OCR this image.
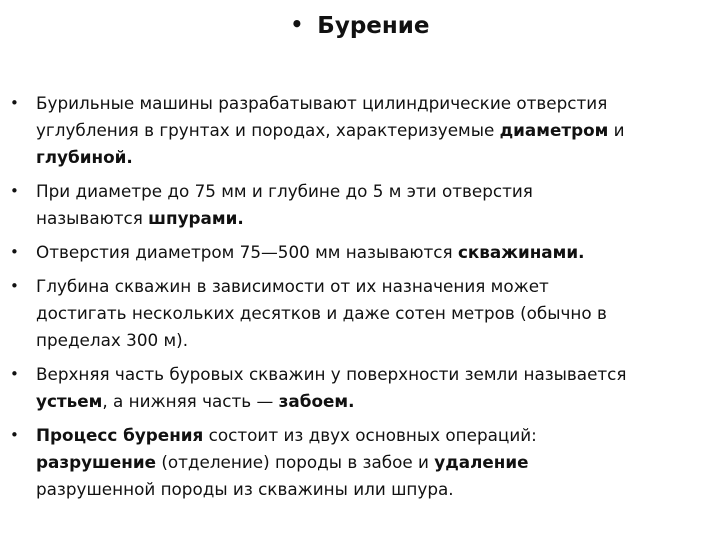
• Бурение
•	Бурильные машины разрабатывают цилиндрические отверстия
углубления в грунтах и породах, характеризуемые диаметром и
глубиной.
•	При диаметре до 75 мм и глубине до 5 м эти отверстия
называются шпурами.
•	Отверстия диаметром 75—500 мм называются скважинами.
•	Глубина скважин в зависимости от их назначения может
достигать нескольких десятков и даже сотен метров (обычно в
пределах 300 м).
•	Верхняя часть буровых скважин у поверхности земли называется
устьем, а нижняя часть — забоем.
•	Процесс бурения состоит из двух основных операций:
разрушение (отделение) породы в забое и удаление
разрушенной породы из скважины или шпура.
